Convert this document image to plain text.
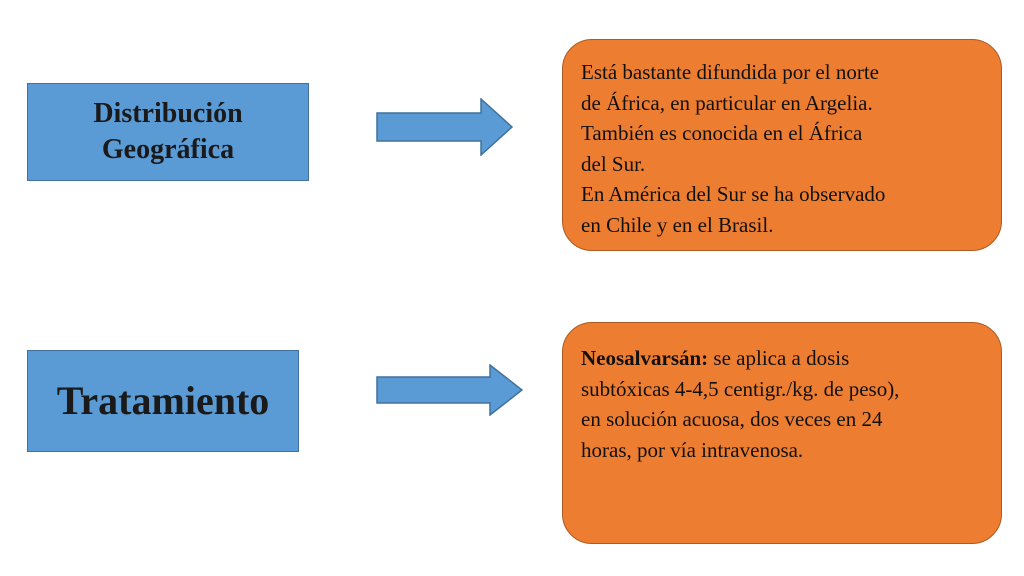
Distribución
Geográfica
Está bastante difundida por el norte
de África, en particular en Argelia.
También es conocida en el África
del Sur.
En América del Sur se ha observado
en Chile y en el Brasil.
Tratamiento
Neosalvarsán: se aplica a dosis
subtóxicas 4-4,5 centigr./kg. de peso),
en solución acuosa, dos veces en 24
horas, por vía intravenosa.
